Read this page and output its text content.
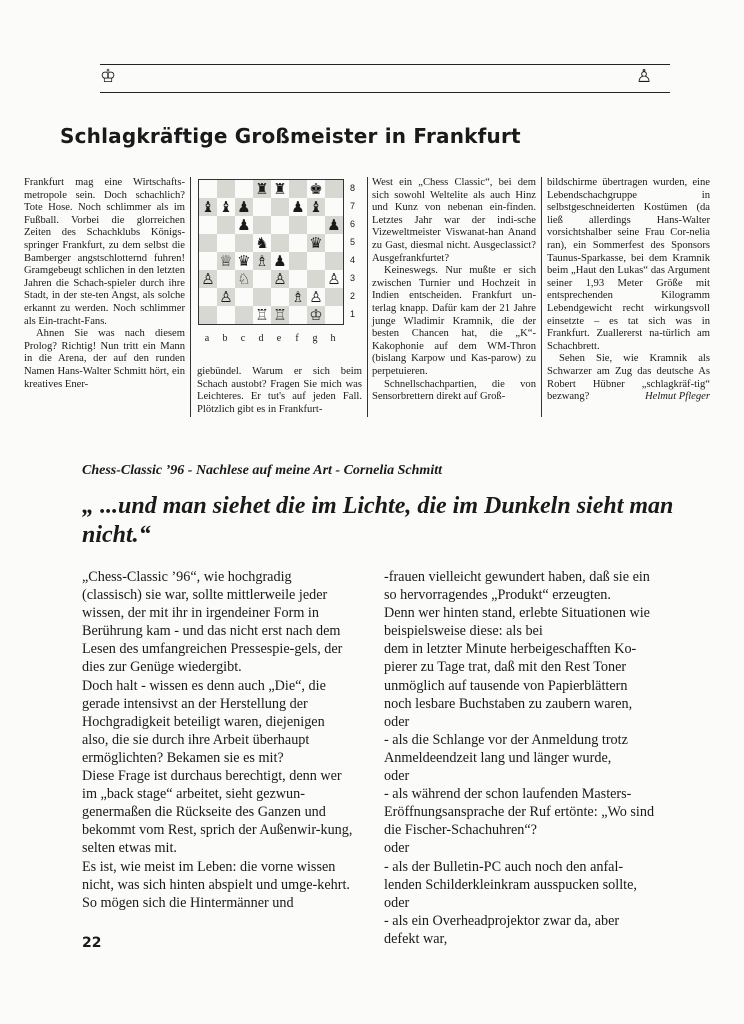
♔	♙
Schlagkräftige Großmeister in Frankfurt

Frankfurt mag eine Wirtschafts-metropole sein. Doch schachlich? Tote Hose. Noch schlimmer als im Fußball. Vorbei die glorreichen Zeiten des Schachklubs Königs-springer Frankfurt, zu dem selbst die Bamberger angstschlotternd fuhren! Gramgebeugt schlichen in den letzten Jahren die Schach-spieler durch ihre Stadt, in der ste-ten Angst, als solche erkannt zu werden. Noch schlimmer als Ein-tracht-Fans.

Ahnen Sie was nach diesem Prolog? Richtig! Nun tritt ein Mann in die Arena, der auf den runden Namen Hans-Walter Schmitt hört, ein kreatives Ener-

♜ ♜ ♚
♝ ♝ ♟	♟ ♝
♟	♟
♞	♛
♕ ♛ ♗ ♟
♙ ♘ ♙	♙
♙	♗ ♙
♖ ♖ ♔
8
7
6
5
4
3
2
1
a	b	c	d	e	f	g	h

giebündel. Warum er sich beim Schach austobt? Fragen Sie mich was Leichteres. Er tut's auf jeden Fall. Plötzlich gibt es in Frankfurt-

West ein „Chess Classic“, bei dem sich sowohl Weltelite als auch Hinz und Kunz von nebenan ein-finden. Letztes Jahr war der indi-sche Vizeweltmeister Viswanat-han Anand zu Gast, diesmal nicht. Ausgeclassict? Ausgefrankfurtet?

Keineswegs. Nur mußte er sich zwischen Turnier und Hochzeit in Indien entscheiden. Frankfurt un-terlag knapp. Dafür kam der 21 Jahre junge Wladimir Kramnik, die der besten Chancen hat, die „K“-Kakophonie auf dem WM-Thron (bislang Karpow und Kas-parow) zu perpetuieren.

Schnellschachpartien, die von Sensorbrettern direkt auf Groß-

bildschirme übertragen wurden, eine Lebendschachgruppe in selbstgeschneiderten Kostümen (da ließ allerdings Hans-Walter vorsichtshalber seine Frau Cor-nelia ran), ein Sommerfest des Sponsors Taunus-Sparkasse, bei dem Kramnik beim „Haut den Lukas“ das Argument seiner 1,93 Meter Größe mit entsprechenden Kilogramm Lebendgewicht recht wirkungsvoll einsetzte – es tat sich was in Frankfurt. Zuallererst na-türlich am Schachbrett.

Sehen Sie, wie Kramnik als Schwarzer am Zug das deutsche As Robert Hübner „schlagkräf-tig“ bezwang?	Helmut Pfleger

Chess-Classic ’96 - Nachlese auf meine Art - Cornelia Schmitt
„ ...und man siehet die im Lichte, die im Dunkeln sieht man nicht.“

„Chess-Classic ’96“, wie hochgradig (classisch) sie war, sollte mittlerweile jeder wissen, der mit ihr in irgendeiner Form in Berührung kam - und das nicht erst nach dem Lesen des umfangreichen Pressespie-gels, der dies zur Genüge wiedergibt.

Doch halt - wissen es denn auch „Die“, die gerade intensivst an der Herstellung der Hochgradigkeit beteiligt waren, diejenigen also, die sie durch ihre Arbeit überhaupt ermöglichten? Bekamen sie es mit?

Diese Frage ist durchaus berechtigt, denn wer im „back stage“ arbeitet, sieht gezwun-genermaßen die Rückseite des Ganzen und bekommt vom Rest, sprich der Außenwir-kung, selten etwas mit.

Es ist, wie meist im Leben: die vorne wissen nicht, was sich hinten abspielt und umge-kehrt.

So mögen sich die Hintermänner und

-frauen vielleicht gewundert haben, daß sie ein so hervorragendes „Produkt“ erzeugten.

Denn wer hinten stand, erlebte Situationen wie beispielsweise diese: als bei

dem in letzter Minute herbeigeschafften Ko-pierer zu Tage trat, daß mit den Rest Toner unmöglich auf tausende von Papierblättern noch lesbare Buchstaben zu zaubern waren,

oder

- als die Schlange vor der Anmeldung trotz Anmeldeendzeit lang und länger wurde,

oder

- als während der schon laufenden Masters-Eröffnungsansprache der Ruf ertönte: „Wo sind die Fischer-Schachuhren“?

oder

- als der Bulletin-PC auch noch den anfal-lenden Schilderkleinkram ausspucken sollte,

oder

- als ein Overheadprojektor zwar da, aber defekt war,

22
